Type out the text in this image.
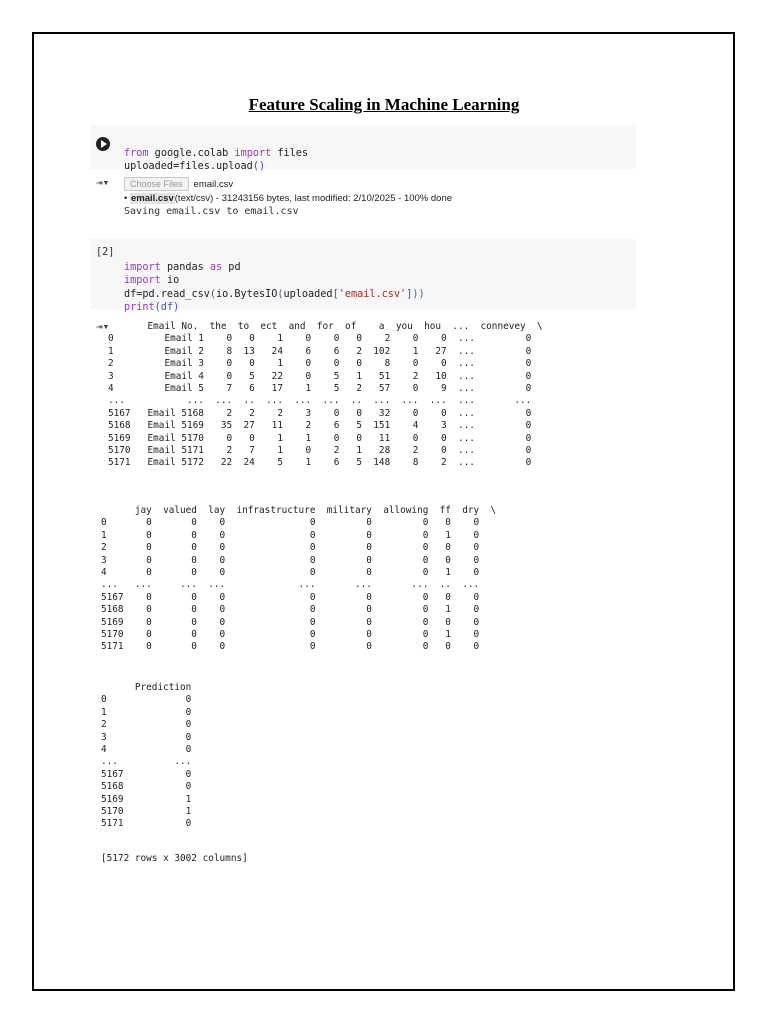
Feature Scaling in Machine Learning

from google.colab import files
uploaded=files.upload()
⇥▾	Choose Files	email.csv
• email.csv(text/csv) - 31243156 bytes, last modified: 2/10/2025 - 100% done
Saving email.csv to email.csv
[2]

import pandas as pd
import io
df=pd.read_csv(io.BytesIO(uploaded['email.csv']))
print(df)
⇥▾	Email No.  the  to  ect  and  for  of    a  you  hou  ...  connevey  \
0         Email 1    0   0    1    0    0   0    2    0    0  ...         0
1         Email 2    8  13   24    6    6   2  102    1   27  ...         0
2         Email 3    0   0    1    0    0   0    8    0    0  ...         0
3         Email 4    0   5   22    0    5   1   51    2   10  ...         0
4         Email 5    7   6   17    1    5   2   57    0    9  ...         0
...           ...  ...  ..  ...  ...  ...  ..  ...  ...  ...  ...       ...
5167   Email 5168    2   2    2    3    0   0   32    0    0  ...         0
5168   Email 5169   35  27   11    2    6   5  151    4    3  ...         0
5169   Email 5170    0   0    1    1    0   0   11    0    0  ...         0
5170   Email 5171    2   7    1    0    2   1   28    2    0  ...         0
5171   Email 5172   22  24    5    1    6   5  148    8    2  ...         0
jay  valued  lay  infrastructure  military  allowing  ff  dry  \
0       0       0    0               0         0         0   0    0
1       0       0    0               0         0         0   1    0
2       0       0    0               0         0         0   0    0
3       0       0    0               0         0         0   0    0
4       0       0    0               0         0         0   1    0
...   ...     ...  ...             ...       ...       ...  ..  ...
5167    0       0    0               0         0         0   0    0
5168    0       0    0               0         0         0   1    0
5169    0       0    0               0         0         0   0    0
5170    0       0    0               0         0         0   1    0
5171    0       0    0               0         0         0   0    0
Prediction
0              0
1              0
2              0
3              0
4              0
...          ...
5167           0
5168           0
5169           1
5170           1
5171           0
[5172 rows x 3002 columns]
